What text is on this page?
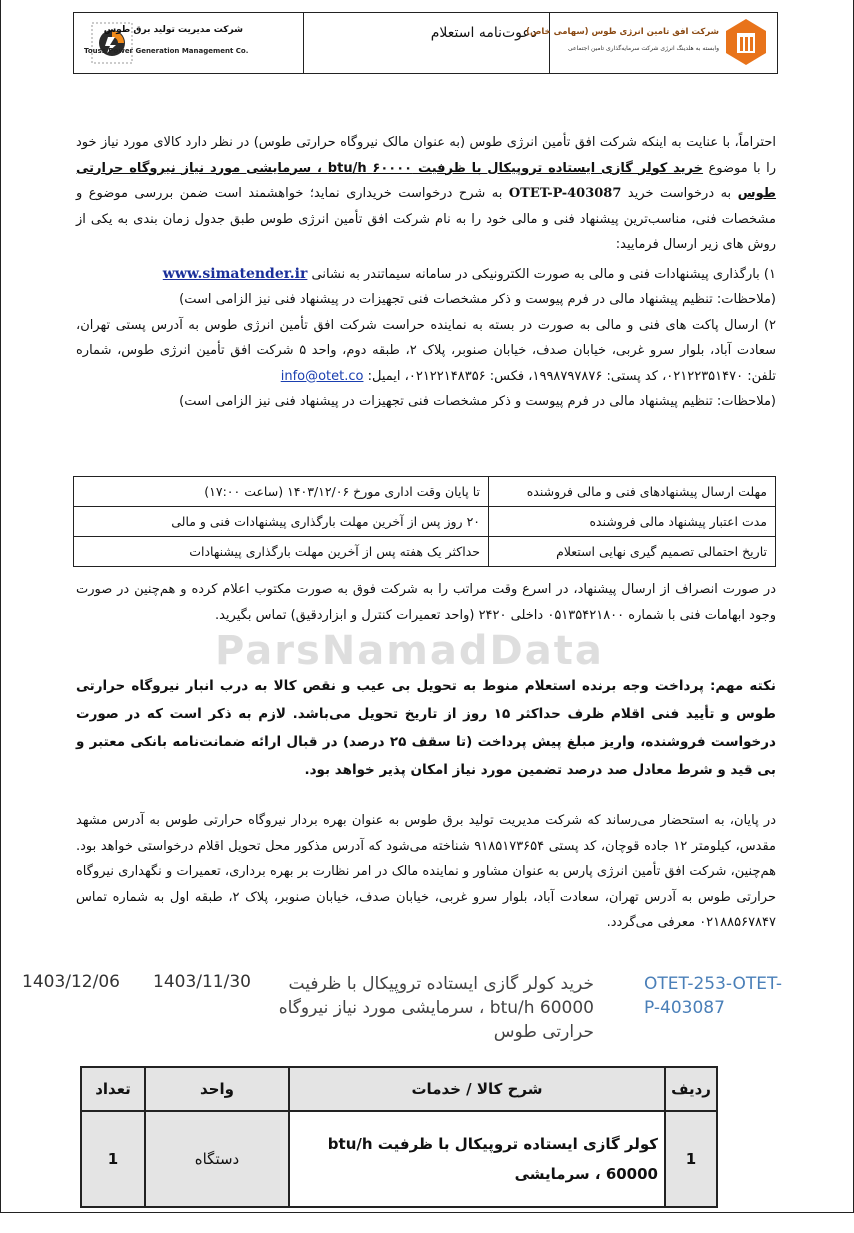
شرکت مدیریت تولید برق طوس
Touss Power Generation Management Co.
دعوت‌نامه استعلام
شرکت افق تامین انرژی طوس (سهامی خاص)
وابسته به هلدینگ انرژی شرکت سرمایه‌گذاری تامین اجتماعی

احتراماً، با عنایت به اینکه شرکت افق تأمین انرژی طوس (به عنوان مالک نیروگاه حرارتی طوس) در نظر دارد کالای مورد نیاز خود را با موضوع خرید کولر گازی ایستاده تروپیکال با ظرفیت ۶۰۰۰۰ btu/h ، سرمایشی مورد نیاز نیروگاه حرارتی طوس به درخواست خرید OTET-P-403087 به شرح درخواست خریداری نماید؛ خواهشمند است ضمن بررسی موضوع و مشخصات فنی، مناسب‌ترین پیشنهاد فنی و مالی خود را به نام شرکت افق تأمین انرژی طوس طبق جدول زمان بندی به یکی از روش های زیر ارسال فرمایید:

۱) بارگذاری پیشنهادات فنی و مالی به صورت الکترونیکی در سامانه سیماتندر به نشانی www.simatender.ir

(ملاحظات: تنظیم پیشنهاد مالی در فرم پیوست و ذکر مشخصات فنی تجهیزات در پیشنهاد فنی نیز الزامی است)

۲) ارسال پاکت های فنی و مالی به صورت در بسته به نماینده حراست شرکت افق تأمین انرژی طوس به آدرس پستی تهران، سعادت آباد، بلوار سرو غربی، خیابان صدف، خیابان صنوبر، پلاک ۲، طبقه دوم، واحد ۵ شرکت افق تأمین انرژی طوس، شماره تلفن: ۰۲۱۲۲۳۵۱۴۷۰، کد پستی: ۱۹۹۸۷۹۷۸۷۶، فکس: ۰۲۱۲۲۱۴۸۳۵۶، ایمیل: info@otet.co

(ملاحظات: تنظیم پیشنهاد مالی در فرم پیوست و ذکر مشخصات فنی تجهیزات در پیشنهاد فنی نیز الزامی است)

مهلت ارسال پیشنهادهای فنی و مالی فروشنده	تا پایان وقت اداری مورخ ۱۴۰۳/۱۲/۰۶ (ساعت ۱۷:۰۰)
مدت اعتبار پیشنهاد مالی فروشنده	۲۰ روز پس از آخرین مهلت بارگذاری پیشنهادات فنی و مالی
تاریخ احتمالی تصمیم گیری نهایی استعلام	حداکثر یک هفته پس از آخرین مهلت بارگذاری پیشنهادات

در صورت انصراف از ارسال پیشنهاد، در اسرع وقت مراتب را به شرکت فوق به صورت مکتوب اعلام کرده و هم‌چنین در صورت وجود ابهامات فنی با شماره ۰۵۱۳۵۴۲۱۸۰۰ داخلی ۲۴۲۰ (واحد تعمیرات کنترل و ابزاردقیق) تماس بگیرید.

ParsNamadData

نکته مهم: پرداخت وجه برنده استعلام منوط به تحویل بی عیب و نقص کالا به درب انبار نیروگاه حرارتی طوس و تأیید فنی اقلام ظرف حداکثر ۱۵ روز از تاریخ تحویل می‌باشد. لازم به ذکر است که در صورت درخواست فروشنده، واریز مبلغ پیش پرداخت (تا سقف ۲۵ درصد) در قبال ارائه ضمانت‌نامه بانکی معتبر و بی قید و شرط معادل صد درصد تضمین مورد نیاز امکان پذیر خواهد بود.

در پایان، به استحضار می‌رساند که شرکت مدیریت تولید برق طوس به عنوان بهره بردار نیروگاه حرارتی طوس به آدرس مشهد مقدس، کیلومتر ۱۲ جاده قوچان، کد پستی ۹۱۸۵۱۷۳۶۵۴ شناخته می‌شود که آدرس مذکور محل تحویل اقلام درخواستی خواهد بود. هم‌چنین، شرکت افق تأمین انرژی پارس به عنوان مشاور و نماینده مالک در امر نظارت بر بهره برداری، تعمیرات و نگهداری نیروگاه حرارتی طوس به آدرس تهران، سعادت آباد، بلوار سرو غربی، خیابان صدف، خیابان صنوبر، پلاک ۲، طبقه اول به شماره تماس ۰۲۱۸۸۵۶۷۸۴۷ معرفی می‌گردد.

OTET-253-OTET-P-403087
خرید کولر گازی ایستاده تروپیکال با ظرفیت btu/h 60000 ، سرمایشی مورد نیاز نیروگاه حرارتی طوس
1403/11/30
1403/12/06
ردیف	شرح کالا / خدمات	واحد	تعداد
1	کولر گازی ایستاده تروپیکال با ظرفیت btu/h 60000 ، سرمایشی	دستگاه	1
